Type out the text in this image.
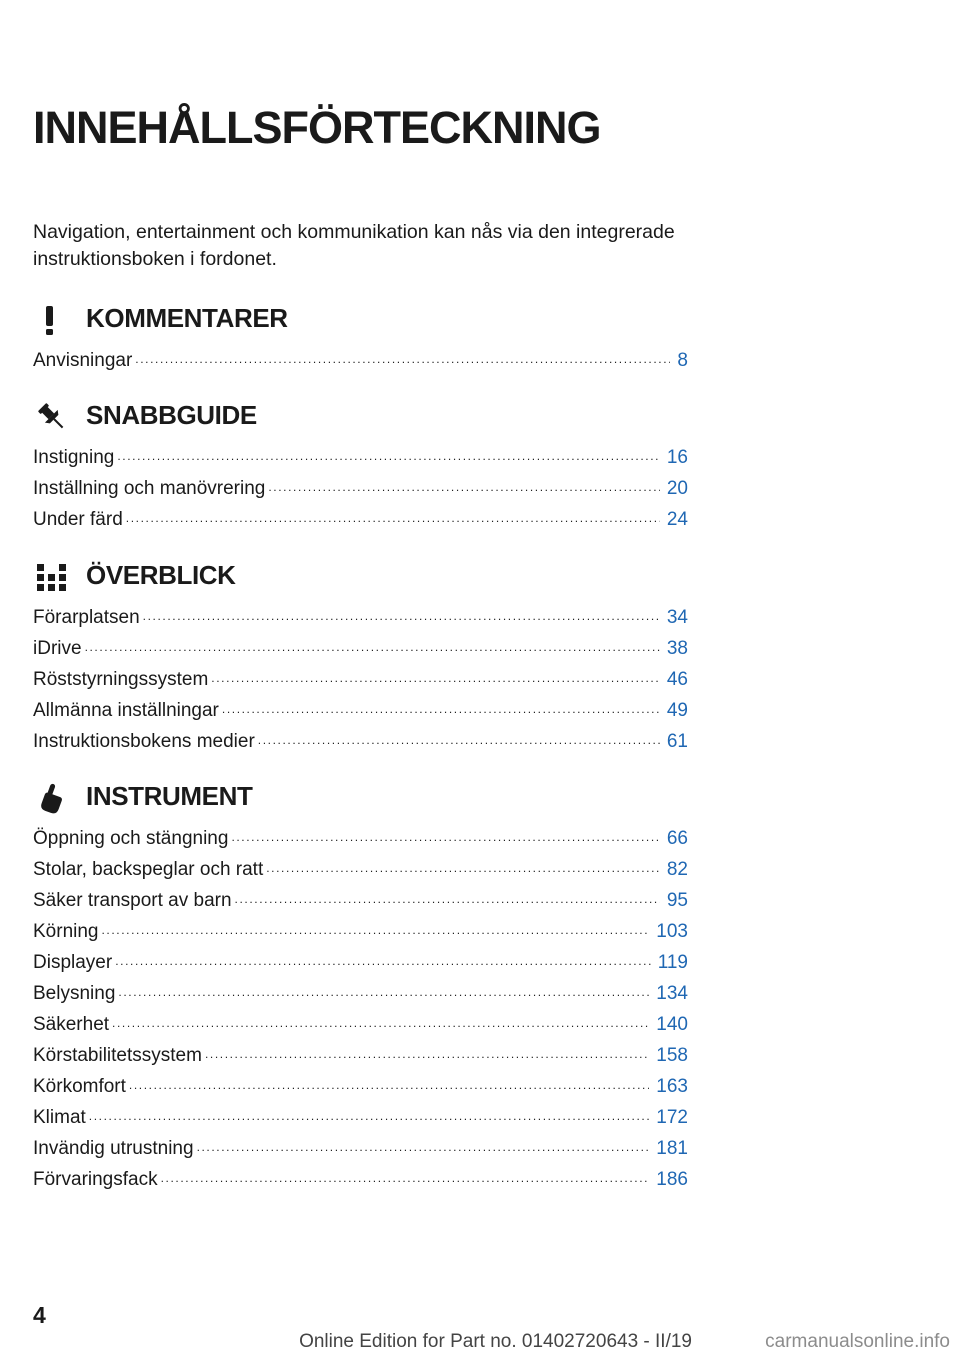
INNEHÅLLSFÖRTECKNING

Navigation, entertainment och kommunikation kan nås via den integrerade instruktionsboken i fordonet.

KOMMENTARER
Anvisningar .....	8
SNABBGUIDE
Instigning .....	16
Inställning och manövrering .....	20
Under färd .....	24
ÖVERBLICK
Förarplatsen .....	34
iDrive .....	38
Röststyrningssystem .....	46
Allmänna inställningar .....	49
Instruktionsbokens medier .....	61
INSTRUMENT
Öppning och stängning .....	66
Stolar, backspeglar och ratt .....	82
Säker transport av barn .....	95
Körning .....	103
Displayer .....	119
Belysning .....	134
Säkerhet .....	140
Körstabilitetssystem .....	158
Körkomfort .....	163
Klimat .....	172
Invändig utrustning .....	181
Förvaringsfack .....	186
4
Online Edition for Part no. 01402720643 - II/19	carmanualsonline.info
